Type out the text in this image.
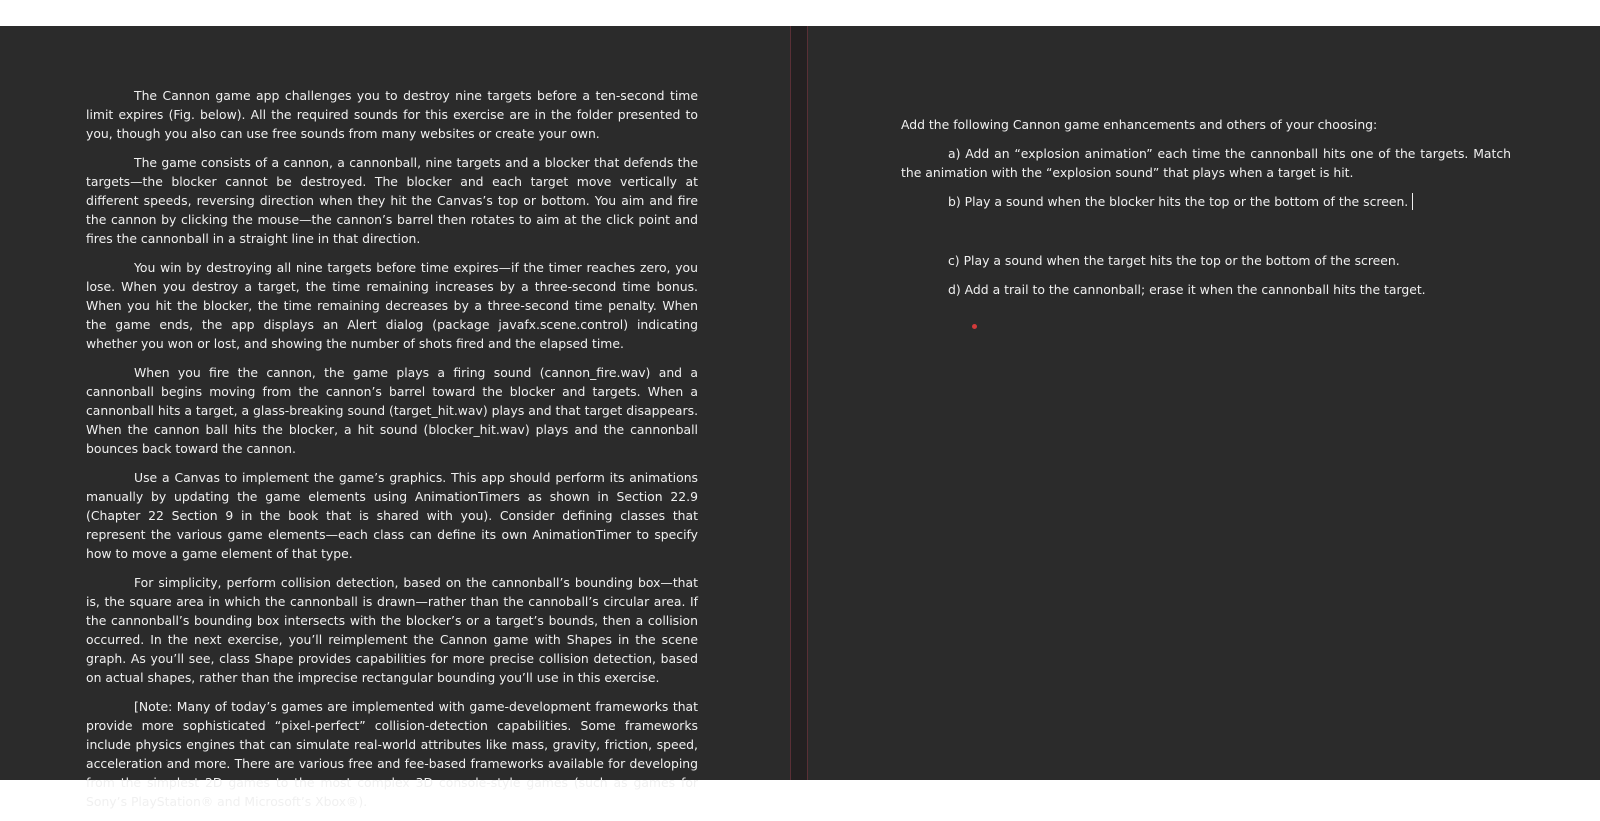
The Cannon game app challenges you to destroy nine targets before a ten-second time limit expires (Fig. below). All the required sounds for this exercise are in the folder presented to you, though you also can use free sounds from many websites or create your own.

The game consists of a cannon, a cannonball, nine targets and a blocker that defends the targets—the blocker cannot be destroyed. The blocker and each target move vertically at different speeds, reversing direction when they hit the Canvas’s top or bottom. You aim and fire the cannon by clicking the mouse—the cannon’s barrel then rotates to aim at the click point and fires the cannonball in a straight line in that direction.

You win by destroying all nine targets before time expires—if the timer reaches zero, you lose. When you destroy a target, the time remaining increases by a three-second time bonus. When you hit the blocker, the time remaining decreases by a three-second time penalty. When the game ends, the app displays an Alert dialog (package javafx.scene.control) indicating whether you won or lost, and showing the number of shots fired and the elapsed time.

When you fire the cannon, the game plays a firing sound (cannon_fire.wav) and a cannonball begins moving from the cannon’s barrel toward the blocker and targets. When a cannonball hits a target, a glass-breaking sound (target_hit.wav) plays and that target disappears. When the cannon ball hits the blocker, a hit sound (blocker_hit.wav) plays and the cannonball bounces back toward the cannon.

Use a Canvas to implement the game’s graphics. This app should perform its animations manually by updating the game elements using AnimationTimers as shown in Section 22.9 (Chapter 22 Section 9 in the book that is shared with you). Consider defining classes that represent the various game elements—each class can define its own AnimationTimer to specify how to move a game element of that type.

For simplicity, perform collision detection, based on the cannonball’s bounding box—that is, the square area in which the cannonball is drawn—rather than the cannoball’s circular area. If the cannonball’s bounding box intersects with the blocker’s or a target’s bounds, then a collision occurred. In the next exercise, you’ll reimplement the Cannon game with Shapes in the scene graph. As you’ll see, class Shape provides capabilities for more precise collision detection, based on actual shapes, rather than the imprecise rectangular bounding you’ll use in this exercise.

[Note: Many of today’s games are implemented with game-development frameworks that provide more sophisticated “pixel-perfect” collision-detection capabilities. Some frameworks include physics engines that can simulate real-world attributes like mass, gravity, friction, speed, acceleration and more. There are various free and fee-based frameworks available for developing from the simplest 2D games to the most complex 3D console-style games (such as games for Sony’s PlayStation® and Microsoft’s Xbox®).

Add the following Cannon game enhancements and others of your choosing:

a) Add an “explosion animation” each time the cannonball hits one of the targets. Match the animation with the “explosion sound” that plays when a target is hit.

b) Play a sound when the blocker hits the top or the bottom of the screen.

c) Play a sound when the target hits the top or the bottom of the screen.

d) Add a trail to the cannonball; erase it when the cannonball hits the target.
